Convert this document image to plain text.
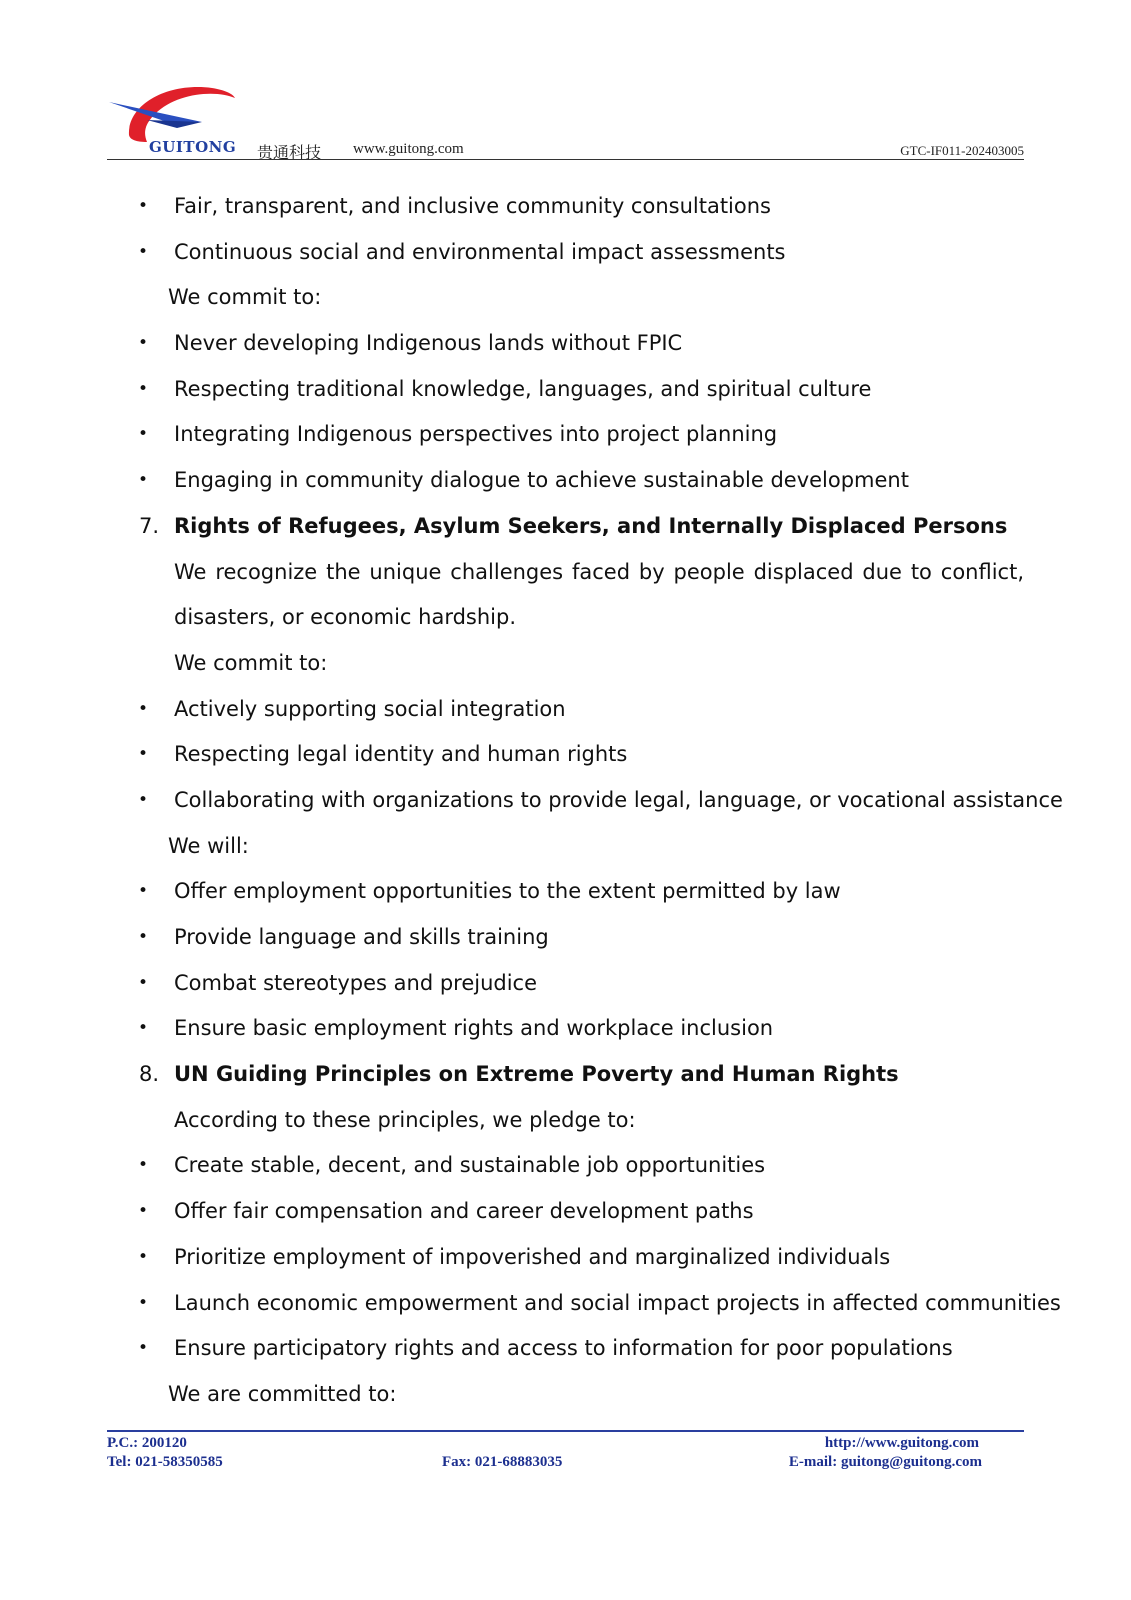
GUITONG 贵通科技 www.guitong.com	GTC-IF011-202403005
• Fair, transparent, and inclusive community consultations
• Continuous social and environmental impact assessments
We commit to:
• Never developing Indigenous lands without FPIC
• Respecting traditional knowledge, languages, and spiritual culture
• Integrating Indigenous perspectives into project planning
• Engaging in community dialogue to achieve sustainable development
7. Rights of Refugees, Asylum Seekers, and Internally Displaced Persons
We recognize the unique challenges faced by people displaced due to conflict,
disasters, or economic hardship.
We commit to:
• Actively supporting social integration
• Respecting legal identity and human rights
• Collaborating with organizations to provide legal, language, or vocational assistance
We will:
• Offer employment opportunities to the extent permitted by law
• Provide language and skills training
• Combat stereotypes and prejudice
• Ensure basic employment rights and workplace inclusion
8. UN Guiding Principles on Extreme Poverty and Human Rights
According to these principles, we pledge to:
• Create stable, decent, and sustainable job opportunities
• Offer fair compensation and career development paths
• Prioritize employment of impoverished and marginalized individuals
• Launch economic empowerment and social impact projects in affected communities
• Ensure participatory rights and access to information for poor populations
We are committed to:
P.C.: 200120
Tel: 021-58350585	Fax: 021-68883035
http://www.guitong.com
E-mail: guitong@guitong.com
